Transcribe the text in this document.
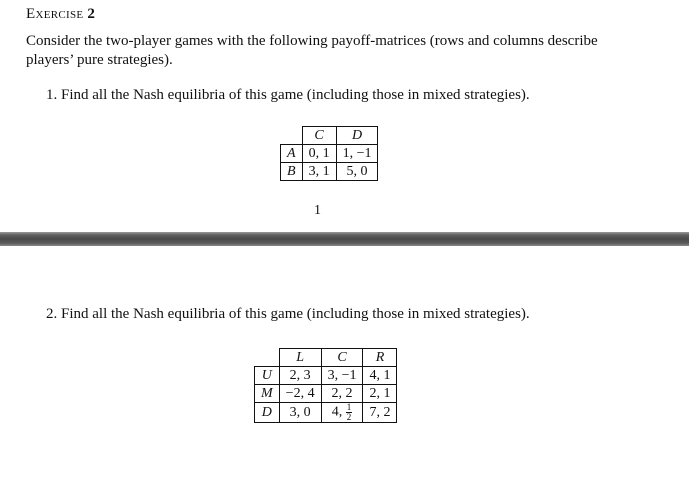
Exercise 2
Consider the two-player games with the following payoff-matrices (rows and columns describe players’ pure strategies).
1. Find all the Nash equilibria of this game (including those in mixed strategies).
	C	D
A	0, 1	1, −1
B	3, 1	5, 0
1
2. Find all the Nash equilibria of this game (including those in mixed strategies).
	L	C	R
U	2, 3	3, −1	4, 1
M	−2, 4	2, 2	2, 1
D	3, 0	4, $\frac{1}{2}$	7, 2
